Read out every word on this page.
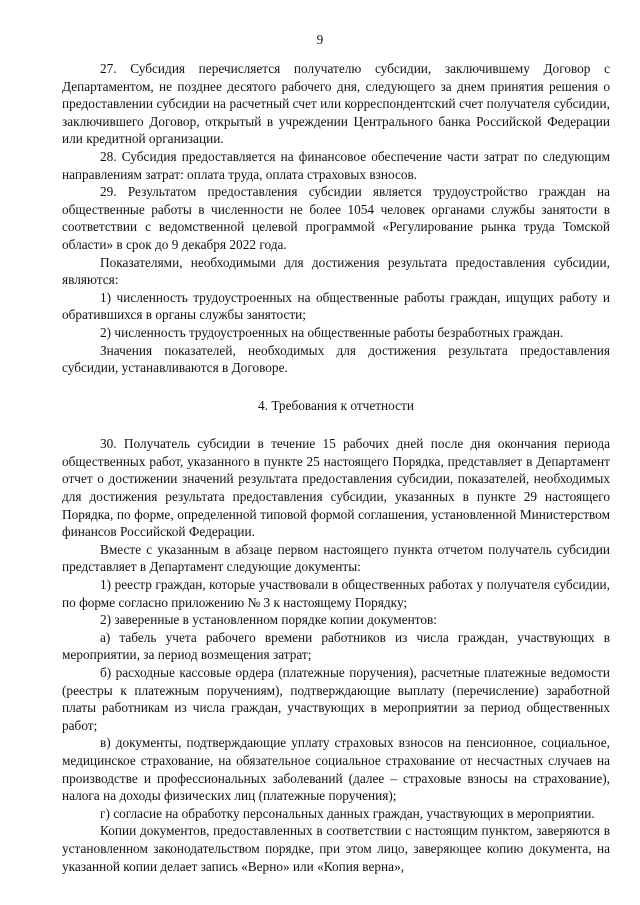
9

27. Субсидия перечисляется получателю субсидии, заключившему Договор с Департаментом, не позднее десятого рабочего дня, следующего за днем принятия решения о предоставлении субсидии на расчетный счет или корреспондентский счет получателя субсидии, заключившего Договор, открытый в учреждении Центрального банка Российской Федерации или кредитной организации.

28. Субсидия предоставляется на финансовое обеспечение части затрат по следующим направлениям затрат: оплата труда, оплата страховых взносов.

29. Результатом предоставления субсидии является трудоустройство граждан на общественные работы в численности не более 1054 человек органами службы занятости в соответствии с ведомственной целевой программой «Регулирование рынка труда Томской области» в срок до 9 декабря 2022 года.

Показателями, необходимыми для достижения результата предоставления субсидии, являются:

1) численность трудоустроенных на общественные работы граждан, ищущих работу и обратившихся в органы службы занятости;

2) численность трудоустроенных на общественные работы безработных граждан.

Значения показателей, необходимых для достижения результата предоставления субсидии, устанавливаются в Договоре.

4. Требования к отчетности

30. Получатель субсидии в течение 15 рабочих дней после дня окончания периода общественных работ, указанного в пункте 25 настоящего Порядка, представляет в Департамент отчет о достижении значений результата предоставления субсидии, показателей, необходимых для достижения результата предоставления субсидии, указанных в пункте 29 настоящего Порядка, по форме, определенной типовой формой соглашения, установленной Министерством финансов Российской Федерации.

Вместе с указанным в абзаце первом настоящего пункта отчетом получатель субсидии представляет в Департамент следующие документы:

1) реестр граждан, которые участвовали в общественных работах у получателя субсидии, по форме согласно приложению № 3 к настоящему Порядку;

2) заверенные в установленном порядке копии документов:

а) табель учета рабочего времени работников из числа граждан, участвующих в мероприятии, за период возмещения затрат;

б) расходные кассовые ордера (платежные поручения), расчетные платежные ведомости (реестры к платежным поручениям), подтверждающие выплату (перечисление) заработной платы работникам из числа граждан, участвующих в мероприятии за период общественных работ;

в) документы, подтверждающие уплату страховых взносов на пенсионное, социальное, медицинское страхование, на обязательное социальное страхование от несчастных случаев на производстве и профессиональных заболеваний (далее – страховые взносы на страхование), налога на доходы физических лиц (платежные поручения);

г) согласие на обработку персональных данных граждан, участвующих в мероприятии.

Копии документов, предоставленных в соответствии с настоящим пунктом, заверяются в установленном законодательством порядке, при этом лицо, заверяющее копию документа, на указанной копии делает запись «Верно» или «Копия верна»,
